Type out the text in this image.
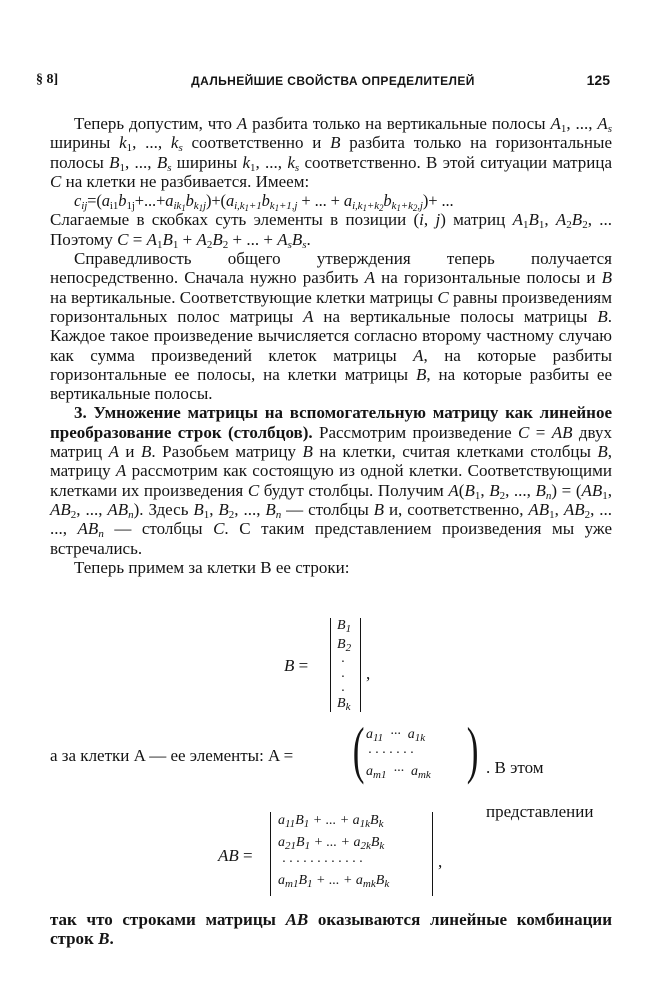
§ 8]	ДАЛЬНЕЙШИЕ СВОЙСТВА ОПРЕДЕЛИТЕЛЕЙ	125

Теперь допустим, что A разбита только на вертикальные полосы $A_1$, ..., $A_s$ ширины $k_1$, ..., $k_s$ соответственно и B разбита только на горизонтальные полосы $B_1$, ..., $B_s$ ширины $k_1$, ..., $k_s$ соответственно. В этой ситуации матрица C на клетки не разбивается. Имеем:

$c_{ij}=(a_{i1}b_{1j}+...+a_{ik_1}b_{k_1j})+(a_{i,k_1+1}b_{k_1+1,j}$ + ... + $a_{i,k_1+k_2}b_{k_1+k_2,j})+$ ...

Слагаемые в скобках суть элементы в позиции (i, j) матриц $A_1B_1$, $A_2B_2$, ... Поэтому $C = A_1B_1 + A_2B_2$ + ... + $A_sB_s$.

Справедливость общего утверждения теперь получается непосредственно. Сначала нужно разбить A на горизонтальные полосы и B на вертикальные. Соответствующие клетки матрицы C равны произведениям горизонтальных полос матрицы A на вертикальные полосы матрицы B. Каждое такое произведение вычисляется согласно второму частному случаю как сумма произведений клеток матрицы A, на которые разбиты горизонтальные ее полосы, на клетки матрицы B, на которые разбиты ее вертикальные полосы.

3. Умножение матрицы на вспомогательную матрицу как линейное преобразование строк (столбцов). Рассмотрим произведение C = AB двух матриц A и B. Разобьем матрицу B на клетки, считая клетками столбцы B, матрицу A рассмотрим как состоящую из одной клетки. Соответствующими клетками их произведения C будут столбцы. Получим $A(B_1$, $B_2$, ..., $B_n) = (AB_1$, $AB_2$, ..., $AB_n$). Здесь $B_1$, $B_2$, ..., $B_n$ — столбцы B и, соответственно, $AB_1$, $AB_2$, ... ..., $AB_n$ — столбцы C. С таким представлением произведения мы уже встречались.

Теперь примем за клетки B ее строки:

B =
$B_1$
$B_2$
·
·
·
$B_k$
,
а за клетки A — ее элементы: A = ( $a_{11}$  ···  $a_{1k}$
· · · · · · ·
$a_{m1}$  ···  $a_{mk}$ ) . В этом представлении
AB =
$a_{11}B_1$ + ... + $a_{1k}B_k$
$a_{21}B_1$ + ... + $a_{2k}B_k$
· · · · · · · · · · · ·
$a_{m1}B_1$ + ... + $a_{mk}B_k$
,

так что строками матрицы AB оказываются линейные комбинации строк B.
